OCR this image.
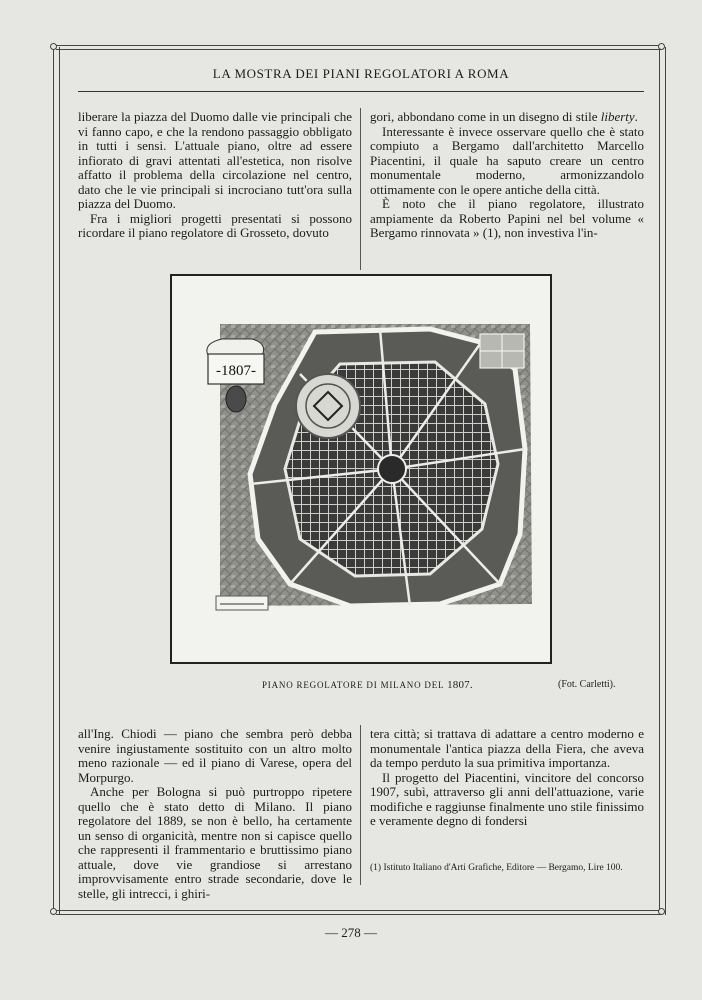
LA MOSTRA DEI PIANI REGOLATORI A ROMA

liberare la piazza del Duomo dalle vie principali che vi fanno capo, e che la rendono passaggio obbligato in tutti i sensi. L'attuale piano, oltre ad essere infiorato di gravi attentati all'estetica, non risolve affatto il problema della circolazione nel centro, dato che le vie principali si incrociano tutt'ora sulla piazza del Duomo.

Fra i migliori progetti presentati si possono ricordare il piano regolatore di Grosseto, dovuto

gori, abbondano come in un disegno di stile liberty.

Interessante è invece osservare quello che è stato compiuto a Bergamo dall'architetto Marcello Piacentini, il quale ha saputo creare un centro monumentale moderno, armonizzandolo ottimamente con le opere antiche della città.

È noto che il piano regolatore, illustrato ampiamente da Roberto Papini nel bel volume « Bergamo rinnovata » (1), non investiva l'in-

-1807-
PIANO REGOLATORE DI MILANO DEL 1807.	(Fot. Carletti).

all'Ing. Chiodi — piano che sembra però debba venire ingiustamente sostituito con un altro molto meno razionale — ed il piano di Varese, opera del Morpurgo.

Anche per Bologna si può purtroppo ripetere quello che è stato detto di Milano. Il piano regolatore del 1889, se non è bello, ha certamente un senso di organicità, mentre non si capisce quello che rappresenti il frammentario e bruttissimo piano attuale, dove vie grandiose si arrestano improvvisamente entro strade secondarie, dove le stelle, gli intrecci, i ghiri-

tera città; si trattava di adattare a centro moderno e monumentale l'antica piazza della Fiera, che aveva da tempo perduto la sua primitiva importanza.

Il progetto del Piacentini, vincitore del concorso 1907, subì, attraverso gli anni dell'attuazione, varie modifiche e raggiunse finalmente uno stile finissimo e veramente degno di fondersi

(1) Istituto Italiano d'Arti Grafiche, Editore — Bergamo, Lire 100.
— 278 —
